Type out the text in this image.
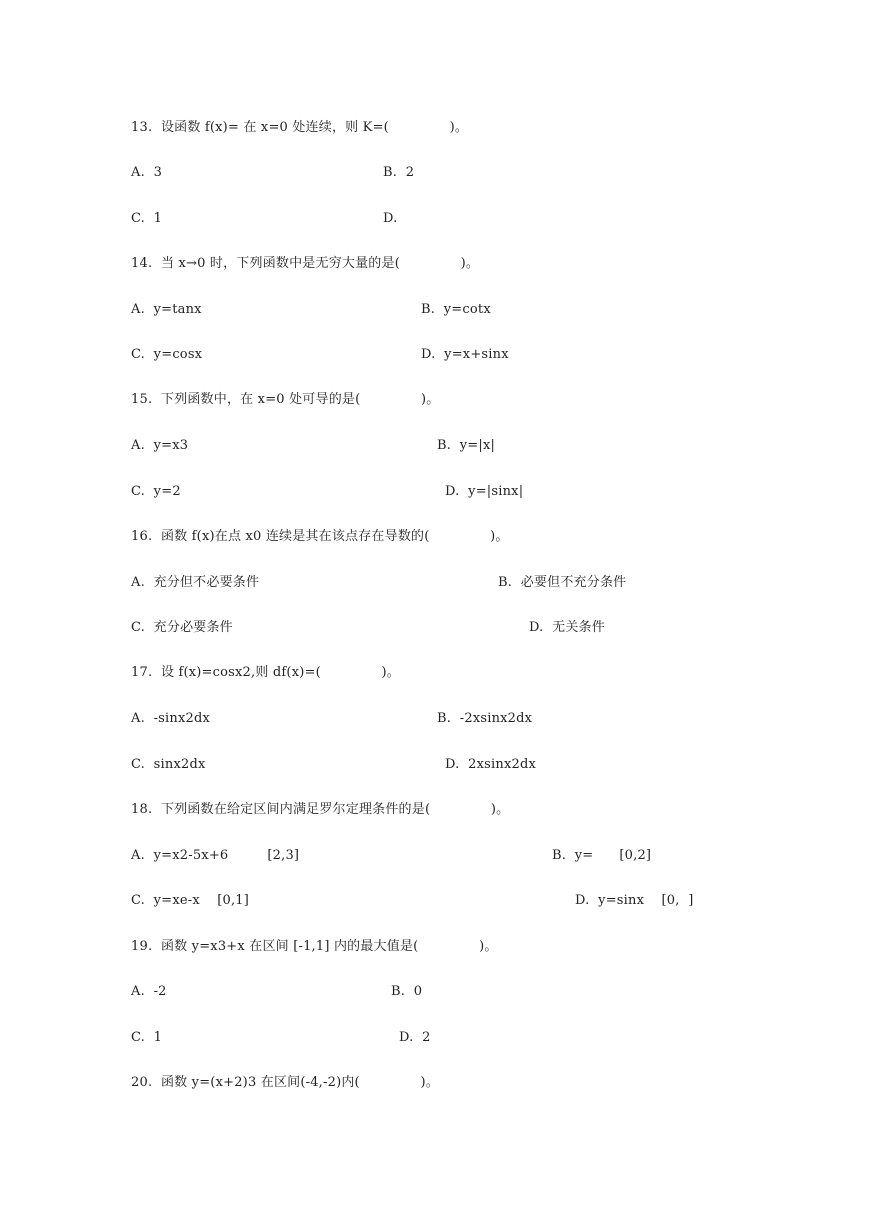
13.  设函数 f(x)= 在 x=0 处连续，则 K=(              )。
A.  3	B.  2
C.  1	D.
14.  当 x→0 时，下列函数中是无穷大量的是(              )。
A.  y=tanx	B.  y=cotx
C.  y=cosx	D.  y=x+sinx
15.  下列函数中，在 x=0 处可导的是(              )。
A.  y=x3	B.  y=|x|
C.  y=2	D.  y=|sinx|
16.  函数 f(x)在点 x0 连续是其在该点存在导数的(              )。
A.  充分但不必要条件	B.  必要但不充分条件
C.  充分必要条件	D.  无关条件
17.  设 f(x)=cosx2,则 df(x)=(              )。
A.  -sinx2dx	B.  -2xsinx2dx
C.  sinx2dx	D.  2xsinx2dx
18.  下列函数在给定区间内满足罗尔定理条件的是(              )。
A.  y=x2-5x+6         [2,3]	B.  y=      [0,2]
C.  y=xe-x    [0,1]	D.  y=sinx    [0,  ]
19.  函数 y=x3+x 在区间 [-1,1] 内的最大值是(              )。
A.  -2	B.  0
C.  1	D.  2
20.  函数 y=(x+2)3 在区间(-4,-2)内(              )。
